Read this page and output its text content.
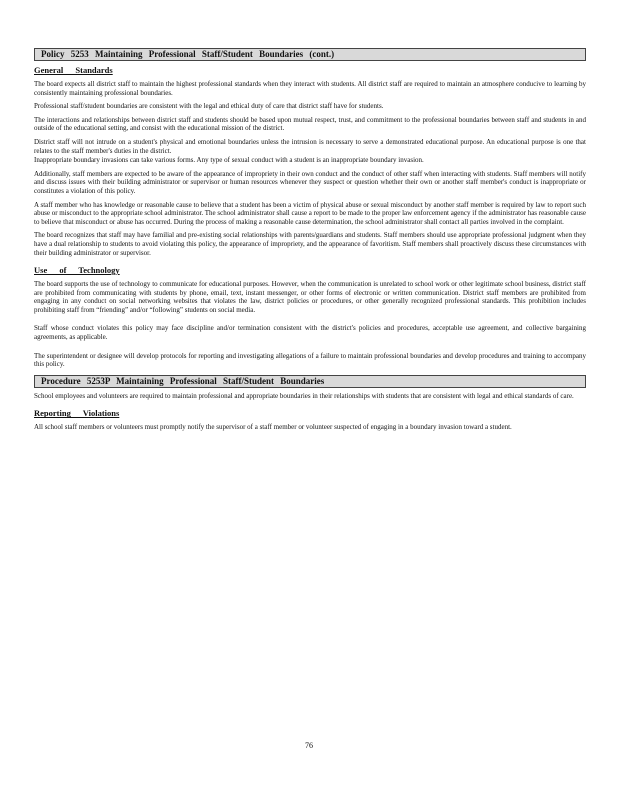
Policy 5253 Maintaining Professional Staff/Student Boundaries (cont.)
General Standards

The board expects all district staff to maintain the highest professional standards when they interact with students. All district staff are required to maintain an atmosphere conducive to learning by consistently maintaining professional boundaries.

Professional staff/student boundaries are consistent with the legal and ethical duty of care that district staff have for students.

The interactions and relationships between district staff and students should be based upon mutual respect, trust, and commitment to the professional boundaries between staff and students in and outside of the educational setting, and consist with the educational mission of the district.

District staff will not intrude on a student's physical and emotional boundaries unless the intrusion is necessary to serve a demonstrated educational purpose. An educational purpose is one that relates to the staff member's duties in the district.

Inappropriate boundary invasions can take various forms. Any type of sexual conduct with a student is an inappropriate boundary invasion.

Additionally, staff members are expected to be aware of the appearance of impropriety in their own conduct and the conduct of other staff when interacting with students. Staff members will notify and discuss issues with their building administrator or supervisor or human resources whenever they suspect or question whether their own or another staff member's conduct is inappropriate or constitutes a violation of this policy.

A staff member who has knowledge or reasonable cause to believe that a student has been a victim of physical abuse or sexual misconduct by another staff member is required by law to report such abuse or misconduct to the appropriate school administrator. The school administrator shall cause a report to be made to the proper law enforcement agency if the administrator has reasonable cause to believe that misconduct or abuse has occurred. During the process of making a reasonable cause determination, the school administrator shall contact all parties involved in the complaint.

The board recognizes that staff may have familial and pre-existing social relationships with parents/guardians and students. Staff members should use appropriate professional judgment when they have a dual relationship to students to avoid violating this policy, the appearance of impropriety, and the appearance of favoritism. Staff members shall proactively discuss these circumstances with their building administrator or supervisor.

Use of Technology

The board supports the use of technology to communicate for educational purposes. However, when the communication is unrelated to school work or other legitimate school business, district staff are prohibited from communicating with students by phone, email, text, instant messenger, or other forms of electronic or written communication. District staff members are prohibited from engaging in any conduct on social networking websites that violates the law, district policies or procedures, or other generally recognized professional standards. This prohibition includes prohibiting staff from “friending” and/or “following” students on social media.

Staff whose conduct violates this policy may face discipline and/or termination consistent with the district's policies and procedures, acceptable use agreement, and collective bargaining agreements, as applicable.

The superintendent or designee will develop protocols for reporting and investigating allegations of a failure to maintain professional boundaries and develop procedures and training to accompany this policy.

Procedure 5253P Maintaining Professional Staff/Student Boundaries

School employees and volunteers are required to maintain professional and appropriate boundaries in their relationships with students that are consistent with legal and ethical standards of care.

Reporting Violations

All school staff members or volunteers must promptly notify the supervisor of a staff member or volunteer suspected of engaging in a boundary invasion toward a student.

76
